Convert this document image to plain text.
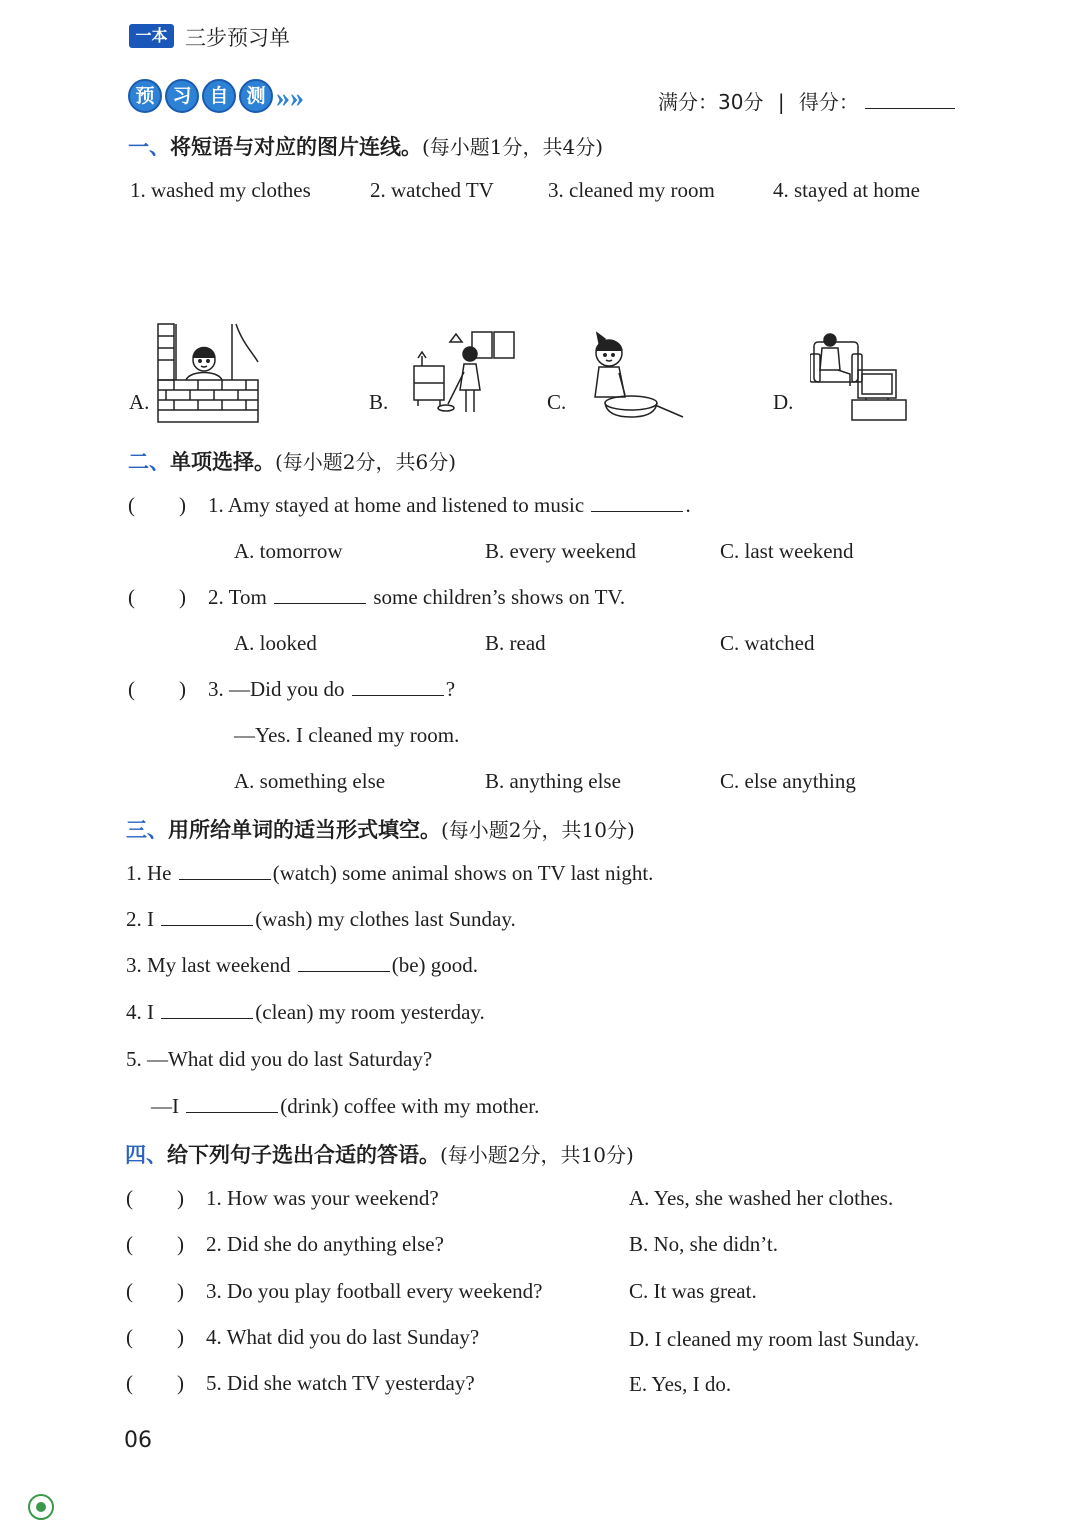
一本 三步预习单
预 习 自 测 »»	满分：30分 | 得分：
一、将短语与对应的图片连线。(每小题1分，共4分)
1. washed my clothes	2. watched TV	3. cleaned my room	4. stayed at home
A.	B.	C.	D.
二、单项选择。(每小题2分，共6分)
( ) 1. Amy stayed at home and listened to music	.
A. tomorrow	B. every weekend	C. last weekend
( ) 2. Tom	some children’s shows on TV.
A. looked	B. read	C. watched
( ) 3. —Did you do	?
—Yes. I cleaned my room.
A. something else	B. anything else	C. else anything
三、用所给单词的适当形式填空。(每小题2分，共10分)
1. He	(watch) some animal shows on TV last night.
2. I	(wash) my clothes last Sunday.
3. My last weekend	(be) good.
4. I	(clean) my room yesterday.
5. —What did you do last Saturday?
—I	(drink) coffee with my mother.
四、给下列句子选出合适的答语。(每小题2分，共10分)
( ) 1. How was your weekend?	A. Yes, she washed her clothes.
( ) 2. Did she do anything else?	B. No, she didn’t.
( ) 3. Do you play football every weekend?	C. It was great.
( ) 4. What did you do last Sunday?	D. I cleaned my room last Sunday.
( ) 5. Did she watch TV yesterday?	E. Yes, I do.
06
